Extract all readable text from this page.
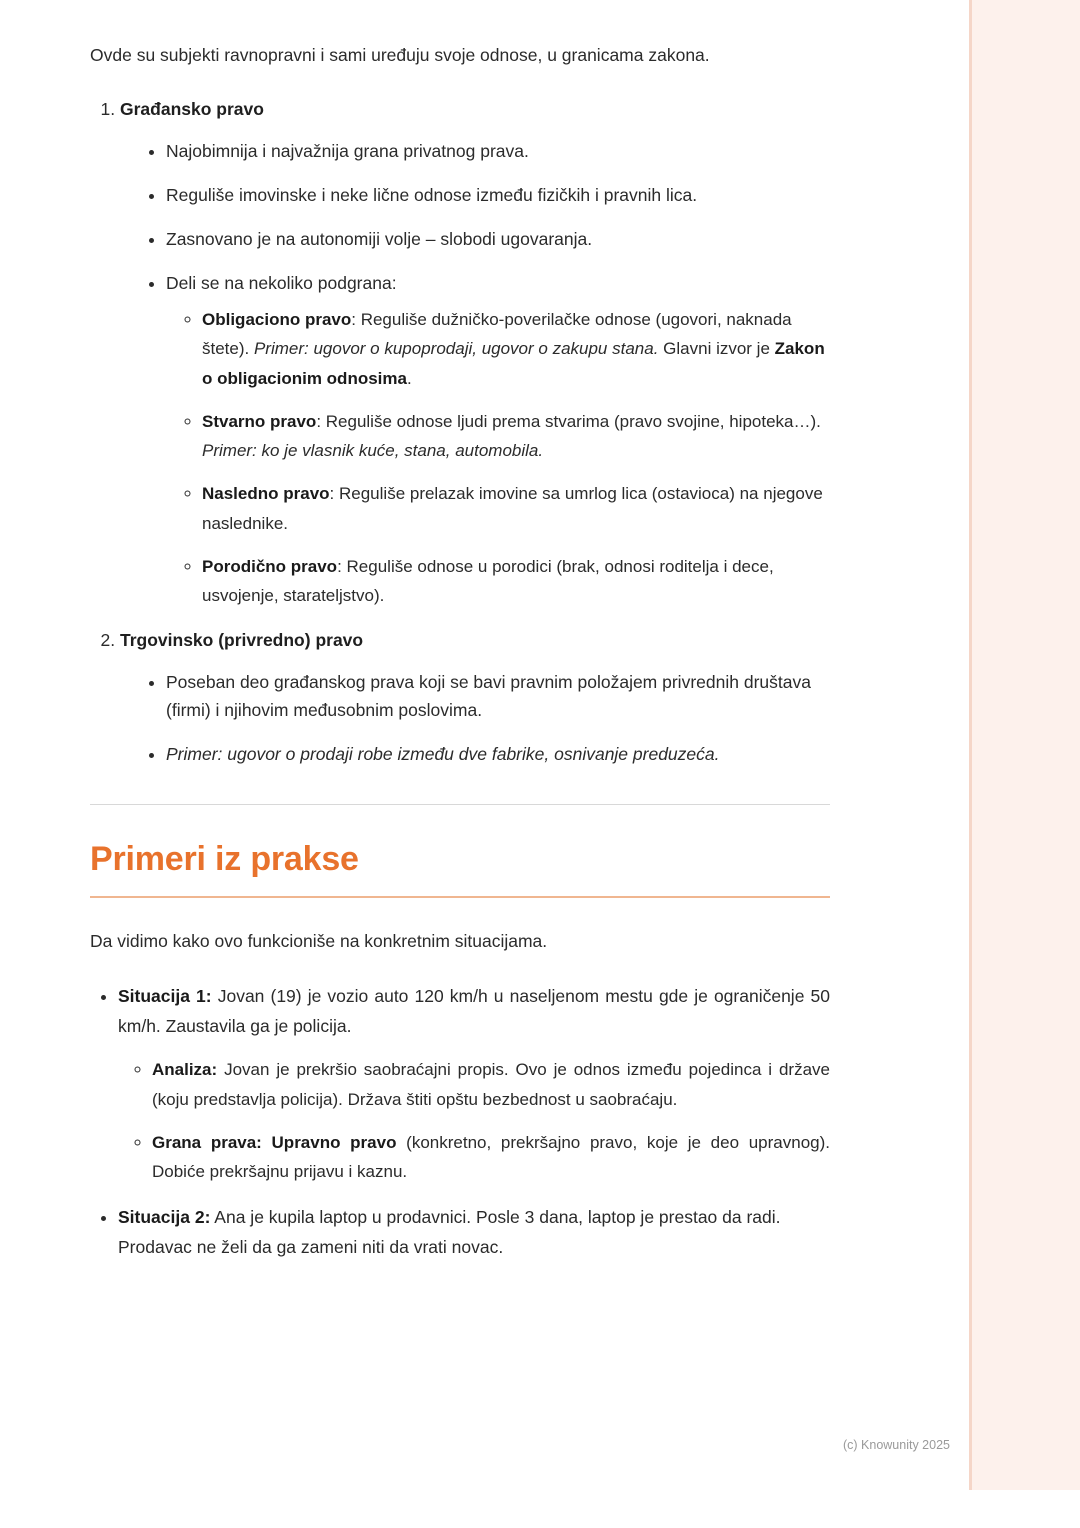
Ovde su subjekti ravnopravni i sami uređuju svoje odnose, u granicama zakona.

1. Građansko pravo
• Najobimnija i najvažnija grana privatnog prava.
• Reguliše imovinske i neke lične odnose između fizičkih i pravnih lica.
• Zasnovano je na autonomiji volje – slobodi ugovaranja.
• Deli se na nekoliko podgrana:
◦ Obligaciono pravo: Reguliše dužničko-poverilačke odnose (ugovori, naknada štete). Primer: ugovor o kupoprodaji, ugovor o zakupu stana. Glavni izvor je Zakon o obligacionim odnosima.
◦ Stvarno pravo: Reguliše odnose ljudi prema stvarima (pravo svojine, hipoteka…). Primer: ko je vlasnik kuće, stana, automobila.
◦ Nasledno pravo: Reguliše prelazak imovine sa umrlog lica (ostavioca) na njegove naslednike.
◦ Porodično pravo: Reguliše odnose u porodici (brak, odnosi roditelja i dece, usvojenje, starateljstvo).
2. Trgovinsko (privredno) pravo
• Poseban deo građanskog prava koji se bavi pravnim položajem privrednih društava (firmi) i njihovim međusobnim poslovima.
• Primer: ugovor o prodaji robe između dve fabrike, osnivanje preduzeća.
Primeri iz prakse

Da vidimo kako ovo funkcioniše na konkretnim situacijama.

• Situacija 1: Jovan (19) je vozio auto 120 km/h u naseljenom mestu gde je ograničenje 50 km/h. Zaustavila ga je policija.
◦ Analiza: Jovan je prekršio saobraćajni propis. Ovo je odnos između pojedinca i države (koju predstavlja policija). Država štiti opštu bezbednost u saobraćaju.
◦ Grana prava: Upravno pravo (konkretno, prekršajno pravo, koje je deo upravnog). Dobiće prekršajnu prijavu i kaznu.
• Situacija 2: Ana je kupila laptop u prodavnici. Posle 3 dana, laptop je prestao da radi. Prodavac ne želi da ga zameni niti da vrati novac.
(c) Knowunity 2025
